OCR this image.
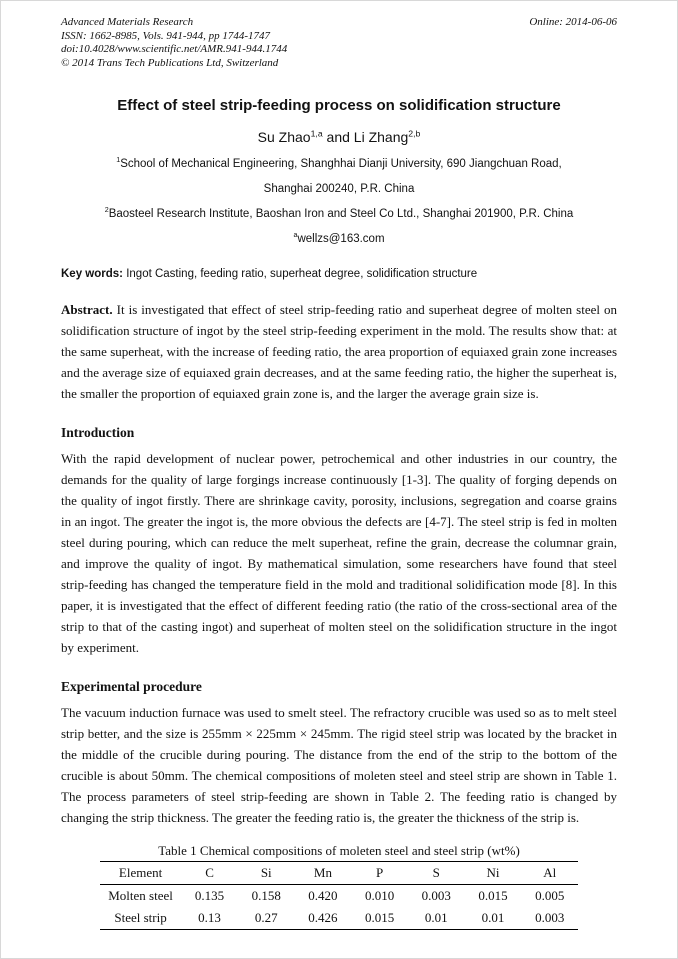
Advanced Materials Research
ISSN: 1662-8985, Vols. 941-944, pp 1744-1747
doi:10.4028/www.scientific.net/AMR.941-944.1744
© 2014 Trans Tech Publications Ltd, Switzerland
Online: 2014-06-06
Effect of steel strip-feeding process on solidification structure

Su Zhao$^{1,a}$ and Li Zhang$^{2,b}$

$^1$School of Mechanical Engineering, Shanghhai Dianji University, 690 Jiangchuan Road,

Shanghai 200240, P.R. China

$^2$Baosteel Research Institute, Baoshan Iron and Steel Co Ltd., Shanghai 201900, P.R. China

$^a$wellzs@163.com

Key words: Ingot Casting, feeding ratio, superheat degree, solidification structure

Abstract. It is investigated that effect of steel strip-feeding ratio and superheat degree of molten steel on solidification structure of ingot by the steel strip-feeding experiment in the mold. The results show that: at the same superheat, with the increase of feeding ratio, the area proportion of equiaxed grain zone increases and the average size of equiaxed grain decreases, and at the same feeding ratio, the higher the superheat is, the smaller the proportion of equiaxed grain zone is, and the larger the average grain size is.

Introduction

With the rapid development of nuclear power, petrochemical and other industries in our country, the demands for the quality of large forgings increase continuously [1-3]. The quality of forging depends on the quality of ingot firstly. There are shrinkage cavity, porosity, inclusions, segregation and coarse grains in an ingot. The greater the ingot is, the more obvious the defects are [4-7]. The steel strip is fed in molten steel during pouring, which can reduce the melt superheat, refine the grain, decrease the columnar grain, and improve the quality of ingot. By mathematical simulation, some researchers have found that steel strip-feeding has changed the temperature field in the mold and traditional solidification mode [8]. In this paper, it is investigated that the effect of different feeding ratio (the ratio of the cross-sectional area of the strip to that of the casting ingot) and superheat of molten steel on the solidification structure in the ingot by experiment.

Experimental procedure

The vacuum induction furnace was used to smelt steel. The refractory crucible was used so as to melt steel strip better, and the size is 255mm × 225mm × 245mm. The rigid steel strip was located by the bracket in the middle of the crucible during pouring. The distance from the end of the strip to the bottom of the crucible is about 50mm. The chemical compositions of moleten steel and steel strip are shown in Table 1. The process parameters of steel strip-feeding are shown in Table 2. The feeding ratio is changed by changing the strip thickness. The greater the feeding ratio is, the greater the thickness of the strip is.

Table 1 Chemical compositions of moleten steel and steel strip (wt%)

Element	C	Si	Mn	P	S	Ni	Al
Molten steel	0.135	0.158	0.420	0.010	0.003	0.015	0.005
Steel strip	0.13	0.27	0.426	0.015	0.01	0.01	0.003
